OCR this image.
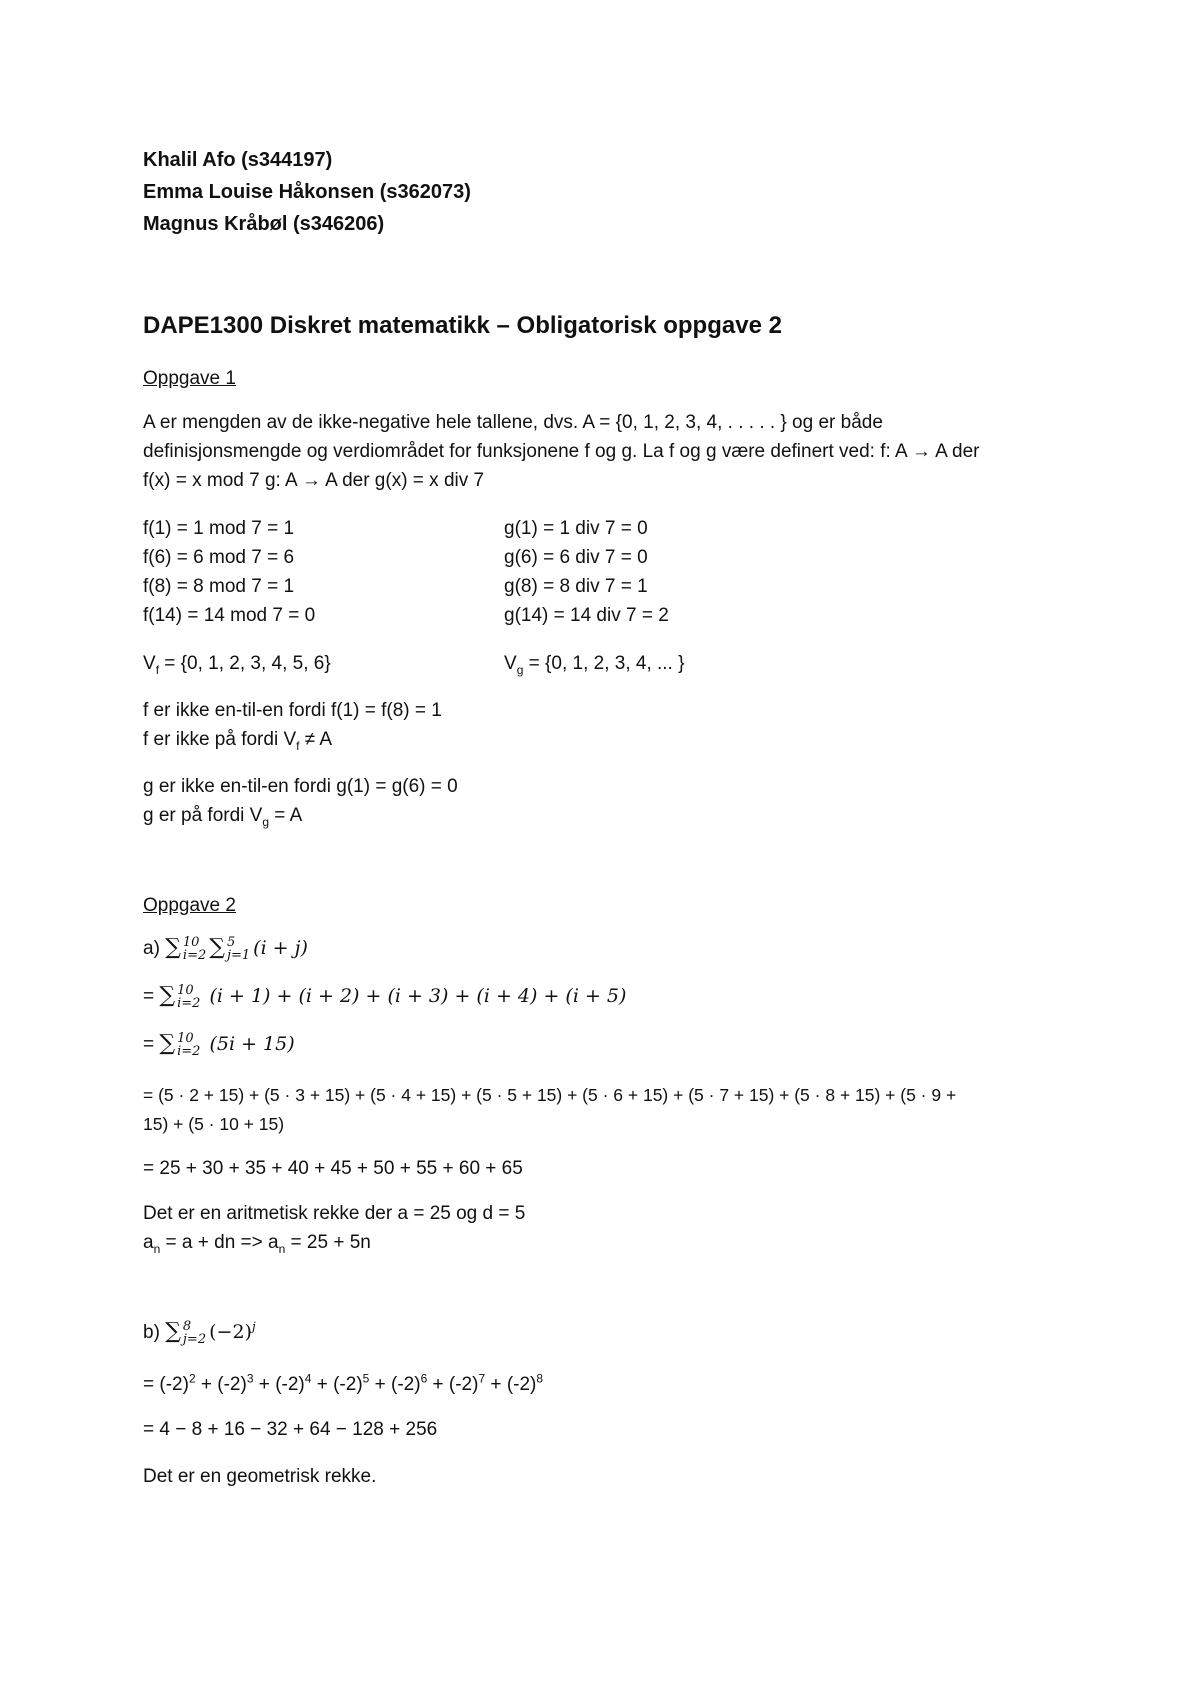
Khalil Afo (s344197)
Emma Louise Håkonsen (s362073)
Magnus Kråbøl (s346206)
DAPE1300 Diskret matematikk – Obligatorisk oppgave 2
Oppgave 1
A er mengden av de ikke-negative hele tallene, dvs. A = {0, 1, 2, 3, 4, . . . . . } og er både
definisjonsmengde og verdiområdet for funksjonene f og g. La f og g være definert ved: f: A → A der
f(x) = x mod 7 g: A → A der g(x) = x div 7
f(1) = 1 mod 7 = 1
f(6) = 6 mod 7 = 6
f(8) = 8 mod 7 = 1
f(14) = 14 mod 7 = 0
g(1) = 1 div 7 = 0
g(6) = 6 div 7 = 0
g(8) = 8 div 7 = 1
g(14) = 14 div 7 = 2
$V_f = \{0$, 1, 2, 3, 4, 5, 6}	$V_g = \{0$, 1, 2, 3, 4, ... }
f er ikke en-til-en fordi f(1) = f(8) = 1
f er ikke på fordi $V_f \ne A$
g er ikke en-til-en fordi g(1) = g(6) = 0
g er på fordi $V_g = A$
Oppgave 2
a) ∑ 10
i=2 ∑ 5
j=1 (i + j)
= ∑ 10
i=2 (i + 1) + (i + 2) + (i + 3) + (i + 4) + (i + 5)
= ∑ 10
i=2 (5i + 15)
= (5 · 2 + 15) + (5 · 3 + 15) + (5 · 4 + 15) + (5 · 5 + 15) + (5 · 6 + 15) + (5 · 7 + 15) + (5 · 8 + 15) + (5 · 9 +
15) + (5 · 10 + 15)
= 25 + 30 + 35 + 40 + 45 + 50 + 55 + 60 + 65
Det er en aritmetisk rekke der a = 25 og d = 5
$a_n = a$ + dn => $a_n = 25 + 5n$
b) ∑ 8
j=2 $(-2)^j$
= $(-2)^2 + (-2)^3 + (-2)^4 + (-2)^5 + (-2)^6 + (-2)^7 + (-2)^8$
= 4 − 8 + 16 − 32 + 64 − 128 + 256
Det er en geometrisk rekke.
